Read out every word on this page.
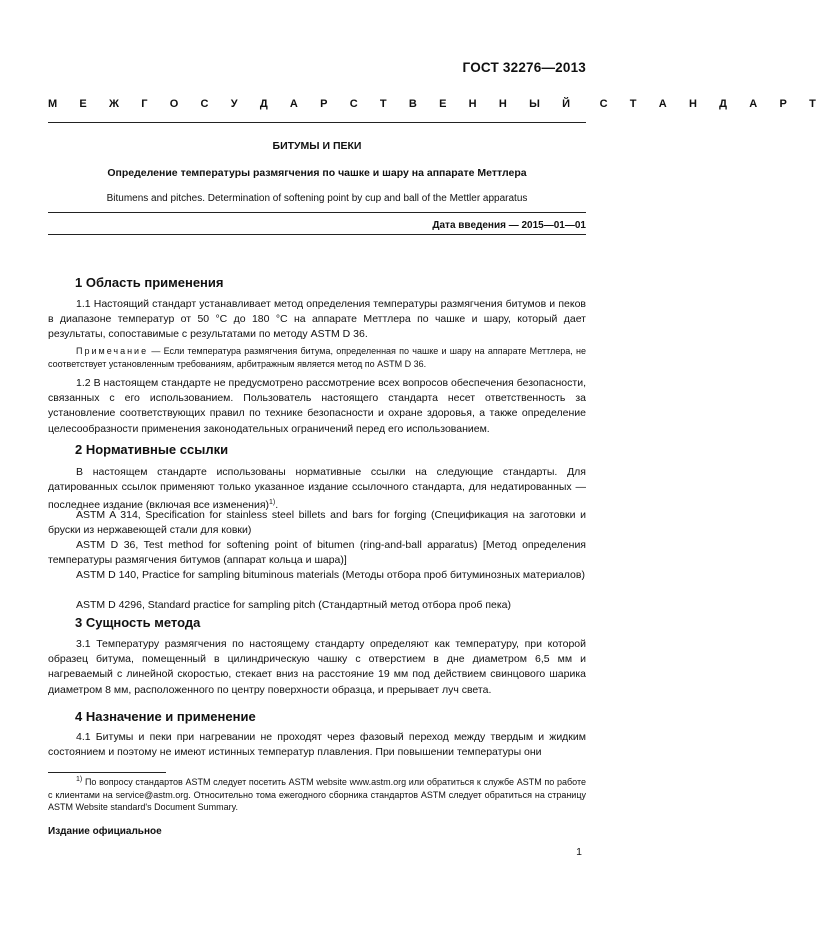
ГОСТ 32276—2013
М Е Ж Г О С У Д А Р С Т В Е Н Н Ы Й С Т А Н Д А Р Т
БИТУМЫ И ПЕКИ
Определение температуры размягчения по чашке и шару на аппарате Меттлера
Bitumens and pitches. Determination of softening point by cup and ball of the Mettler apparatus
Дата введения — 2015—01—01
1 Область применения
1.1 Настоящий стандарт устанавливает метод определения температуры размягчения битумов и пеков в диапазоне температур от 50 °С до 180 °С на аппарате Меттлера по чашке и шару, который дает результаты, сопоставимые с результатами по методу ASTM D 36.
Примечание — Если температура размягчения битума, определенная по чашке и шару на аппарате Меттлера, не соответствует установленным требованиям, арбитражным является метод по ASTM D 36.
1.2 В настоящем стандарте не предусмотрено рассмотрение всех вопросов обеспечения безопасности, связанных с его использованием. Пользователь настоящего стандарта несет ответственность за установление соответствующих правил по технике безопасности и охране здоровья, а также определение целесообразности применения законодательных ограничений перед его использованием.
2 Нормативные ссылки
В настоящем стандарте использованы нормативные ссылки на следующие стандарты. Для датированных ссылок применяют только указанное издание ссылочного стандарта, для недатированных — последнее издание (включая все изменения)$^{1)}$.
ASTM A 314, Specification for stainless steel billets and bars for forging (Спецификация на заготовки и бруски из нержавеющей стали для ковки)
ASTM D 36, Test method for softening point of bitumen (ring-and-ball apparatus) [Метод определения температуры размягчения битумов (аппарат кольца и шара)]
ASTM D 140, Practice for sampling bituminous materials (Методы отбора проб битуминозных материалов)
ASTM D 4296, Standard practice for sampling pitch (Стандартный метод отбора проб пека)
3 Сущность метода
3.1 Температуру размягчения по настоящему стандарту определяют как температуру, при которой образец битума, помещенный в цилиндрическую чашку с отверстием в дне диаметром 6,5 мм и нагреваемый с линейной скоростью, стекает вниз на расстояние 19 мм под действием свинцового шарика диаметром 8 мм, расположенного по центру поверхности образца, и прерывает луч света.
4 Назначение и применение
4.1 Битумы и пеки при нагревании не проходят через фазовый переход между твердым и жидким состоянием и поэтому не имеют истинных температур плавления. При повышении температуры они
$^{1)}$ По вопросу стандартов ASTM следует посетить ASTM website www.astm.org или обратиться к службе ASTM по работе с клиентами на service@astm.org. Относительно тома ежегодного сборника стандартов ASTM следует обратиться на страницу ASTM Website standard's Document Summary.
Издание официальное
1
